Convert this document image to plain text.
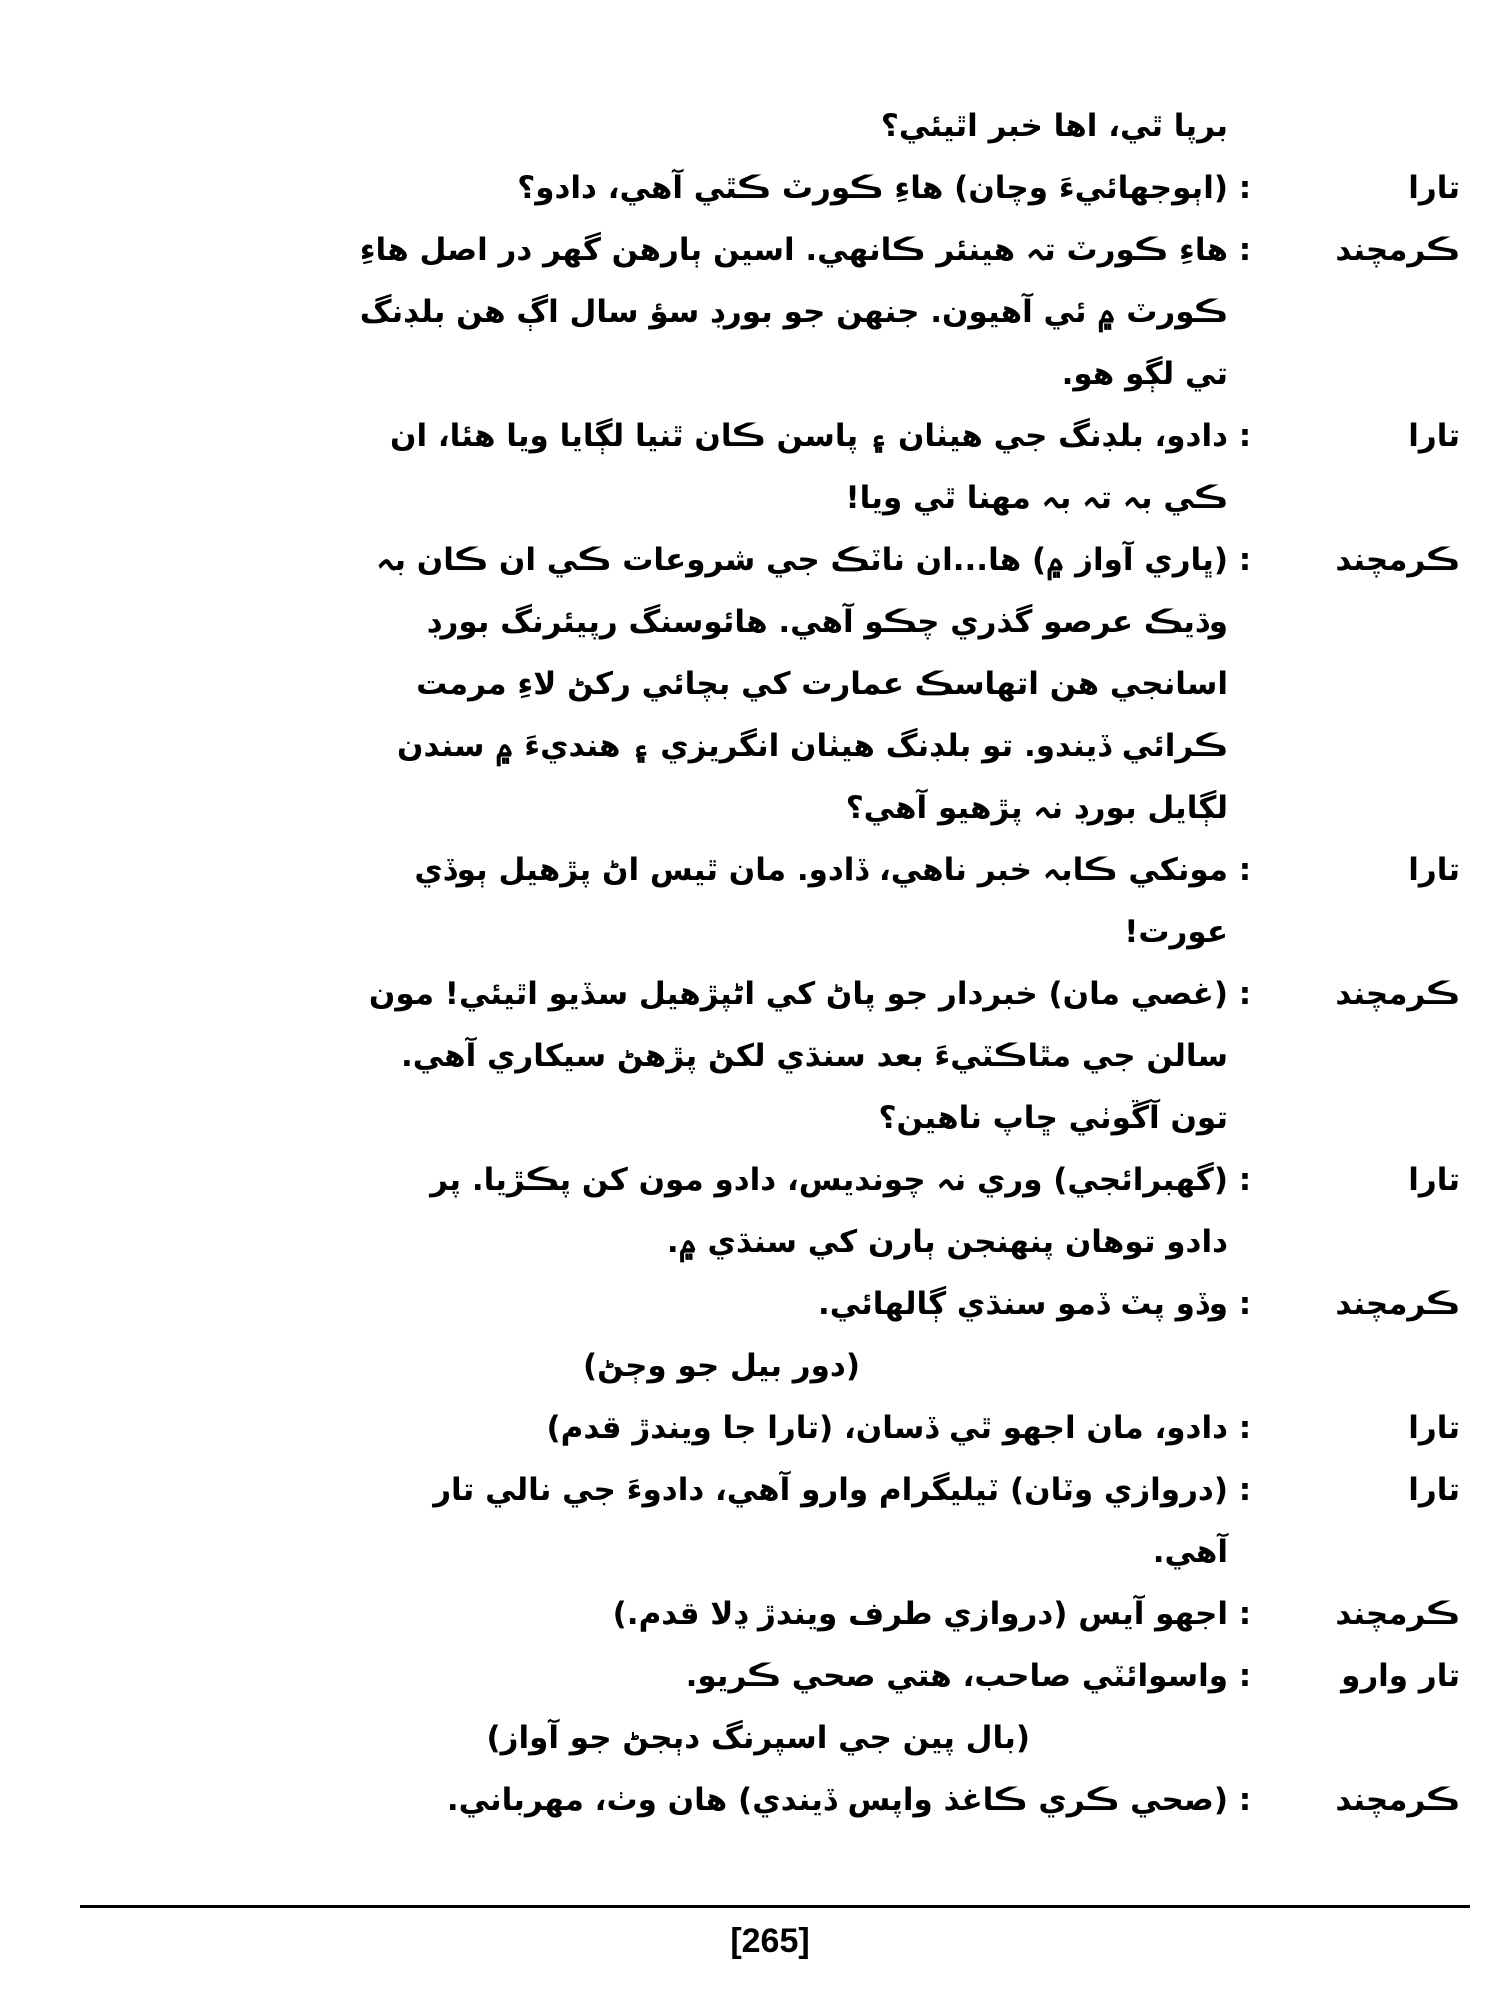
برپا ٿي، اها خبر اٿيئي؟
تارا
:
(اٻوجهائيءَ وچان) هاءِ ڪورٽ ڪٿي آهي، دادو؟
ڪرمچند
:
هاءِ ڪورٽ تہ هينئر ڪانهي. اسين ٻارهن گهر در اصل هاءِ
ڪورٽ ۾ ئي آهيون. جنهن جو بورڊ سؤ سال اڳ هن بلڊنگ
تي لڳو هو.
تارا
:
دادو، بلڊنگ جي هيٺان ۽ پاسن ڪان ٿنيا لڳايا ويا هئا، ان
ڪي بہ تہ بہ مهنا ٿي ويا!
ڪرمچند
:
(ڀاري آواز ۾) ها...ان ناٽڪ جي شروعات ڪي ان ڪان بہ
وڌيڪ عرصو گذري چڪو آهي. هائوسنگ رپيئرنگ بورڊ
اسانجي هن اتهاسڪ عمارت کي بچائي رکڻ لاءِ مرمت
ڪرائي ڏيندو. تو بلڊنگ هيٺان انگريزي ۽ هنديءَ ۾ سندن
لڳايل بورڊ نہ پڙهيو آهي؟
تارا
:
مونکي ڪابہ خبر ناهي، ڏادو. مان ٿيس اڻ پڙهيل ٻوڏي
عورت!
ڪرمچند
:
(غصي مان) خبردار جو پاڻ کي اڻپڙهيل سڏيو اٿيئي! مون
سالن جي مٿاڪٽيءَ بعد سنڌي لکڻ پڙهڻ سيکاري آهي.
تون آڱوٺي ڇاپ ناهين؟
تارا
:
(گهبرائجي) وري نہ چونديس، دادو مون کن پڪڙيا. پر
دادو توهان پنهنجن ٻارن کي سنڌي ۾.
ڪرمچند
:
وڏو پٽ ڏمو سنڌي ڳالهائي.
(دور بيل جو وڄڻ)
تارا
:
دادو، مان اجهو ٿي ڏسان، (تارا جا ويندڙ قدم)
تارا
:
(دروازي وٽان) ٽيليگرام وارو آهي، دادوءَ جي نالي تار
آهي.
ڪرمچند
:
اجهو آيس (دروازي طرف ويندڙ ڍلا قدم.)
تار وارو
:
واسوائٽي صاحب، هتي صحي ڪريو.
(بال پين جي اسپرنگ دٻجڻ جو آواز)
ڪرمچند
:
(صحي ڪري ڪاغذ واپس ڏيندي) هان وٺ، مهرباني.
[265]
